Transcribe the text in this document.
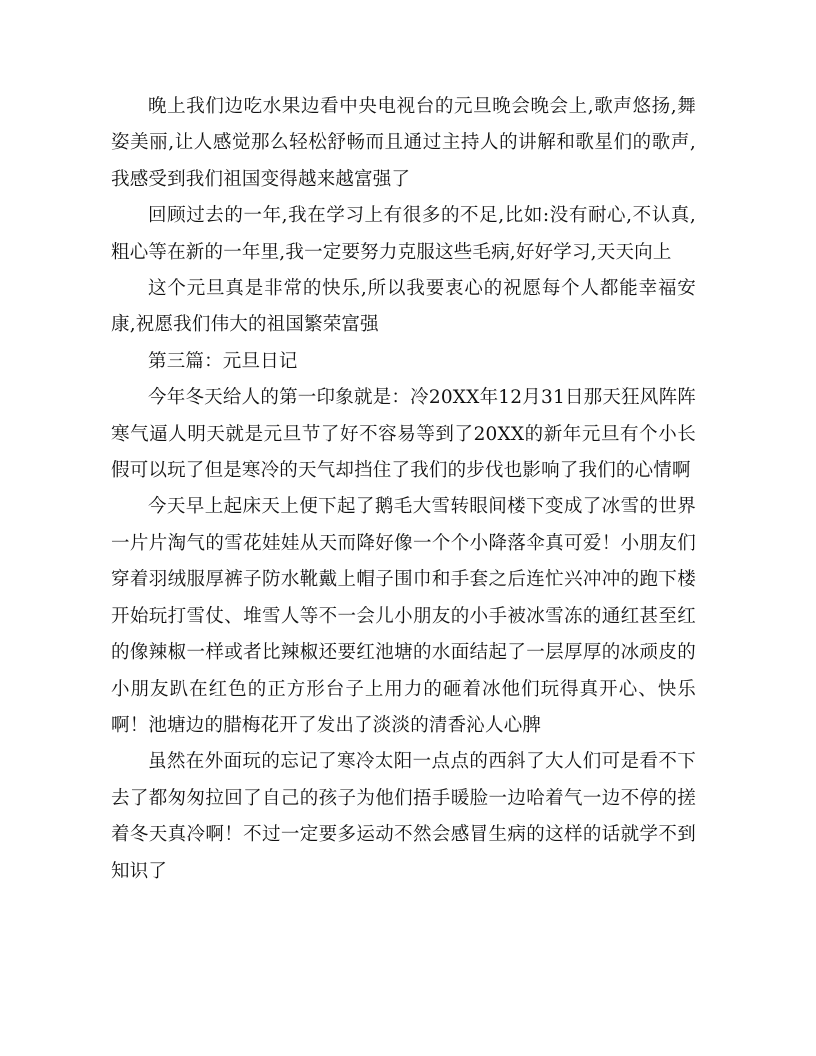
晚上我们边吃水果边看中央电视台的元旦晚会晚会上,歌声悠扬,舞姿美丽,让人感觉那么轻松舒畅而且通过主持人的讲解和歌星们的歌声,我感受到我们祖国变得越来越富强了

回顾过去的一年,我在学习上有很多的不足,比如:没有耐心,不认真,粗心等在新的一年里,我一定要努力克服这些毛病,好好学习,天天向上

这个元旦真是非常的快乐,所以我要衷心的祝愿每个人都能幸福安康,祝愿我们伟大的祖国繁荣富强

第三篇：元旦日记

今年冬天给人的第一印象就是：冷20XX年12月31日那天狂风阵阵寒气逼人明天就是元旦节了好不容易等到了20XX的新年元旦有个小长假可以玩了但是寒冷的天气却挡住了我们的步伐也影响了我们的心情啊

今天早上起床天上便下起了鹅毛大雪转眼间楼下变成了冰雪的世界一片片淘气的雪花娃娃从天而降好像一个个小降落伞真可爱！小朋友们穿着羽绒服厚裤子防水靴戴上帽子围巾和手套之后连忙兴冲冲的跑下楼开始玩打雪仗、堆雪人等不一会儿小朋友的小手被冰雪冻的通红甚至红的像辣椒一样或者比辣椒还要红池塘的水面结起了一层厚厚的冰顽皮的小朋友趴在红色的正方形台子上用力的砸着冰他们玩得真开心、快乐啊！池塘边的腊梅花开了发出了淡淡的清香沁人心脾

虽然在外面玩的忘记了寒冷太阳一点点的西斜了大人们可是看不下去了都匆匆拉回了自己的孩子为他们捂手暖脸一边哈着气一边不停的搓着冬天真冷啊！不过一定要多运动不然会感冒生病的这样的话就学不到知识了
